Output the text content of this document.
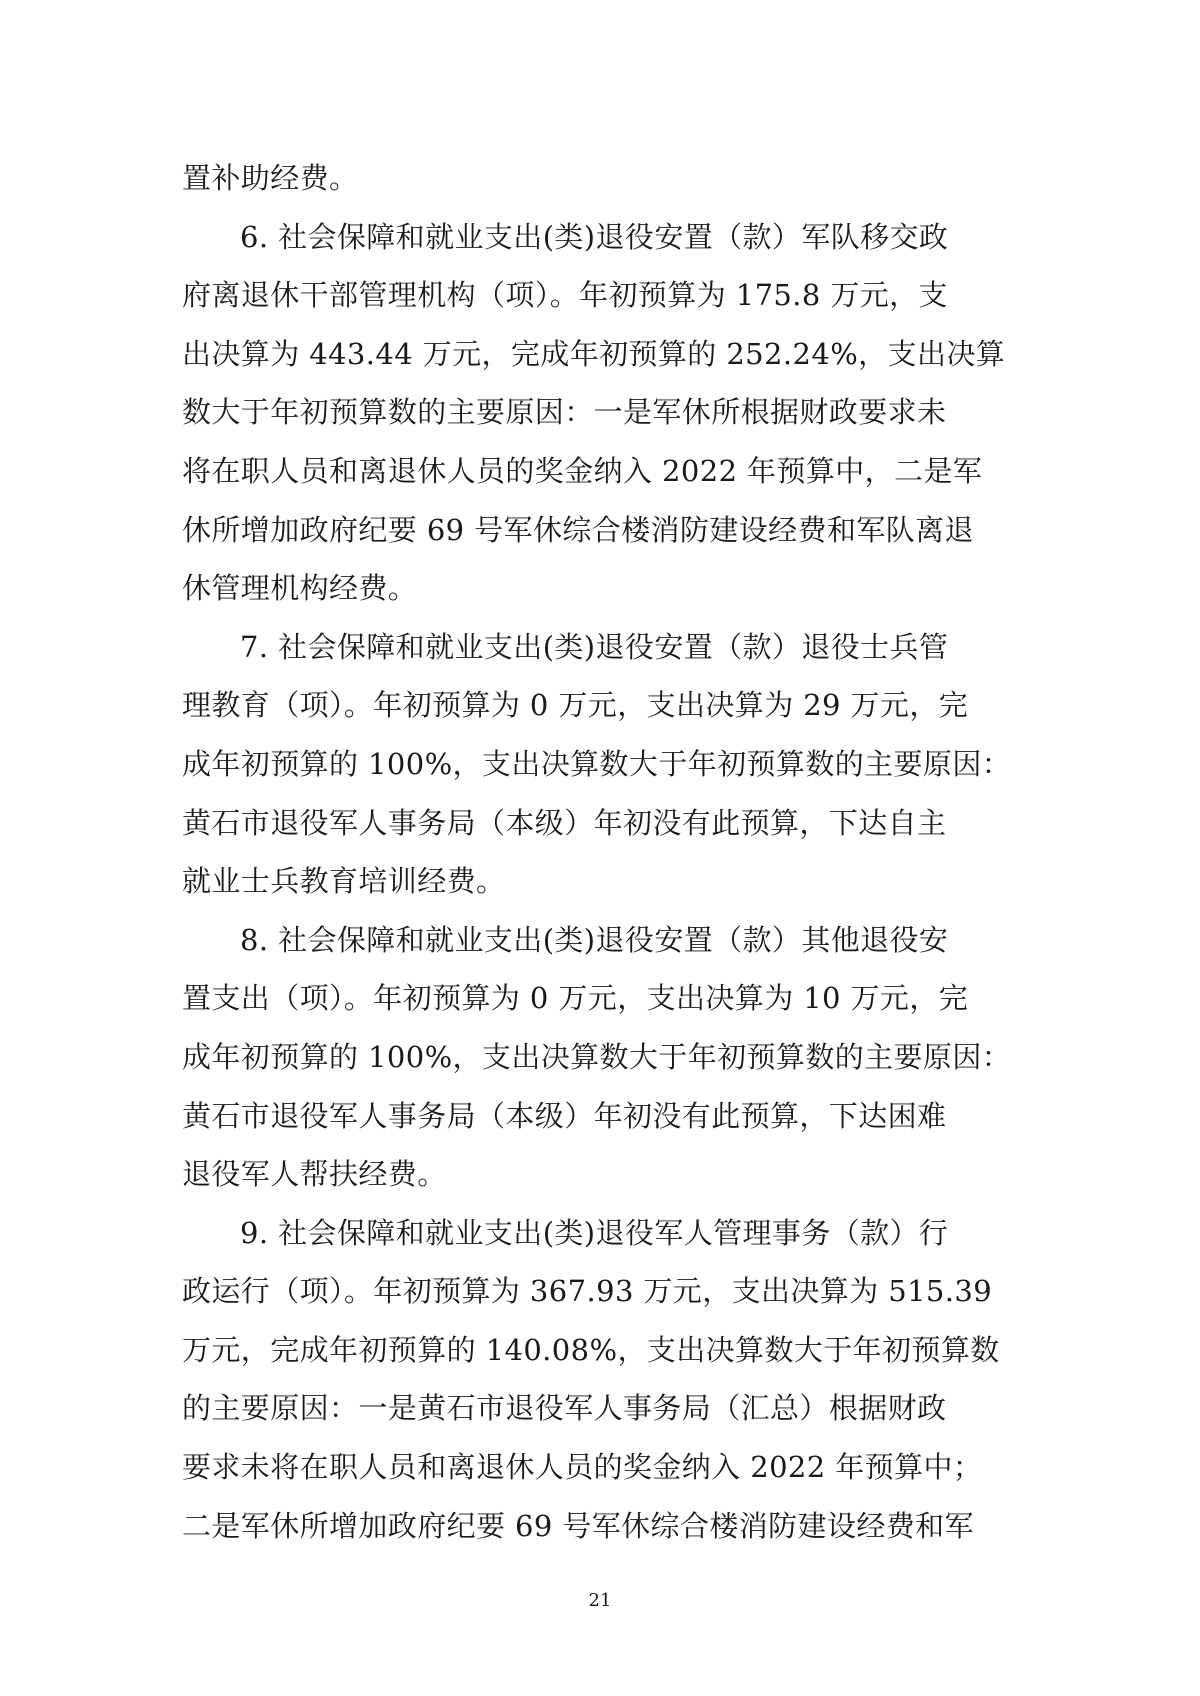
置补助经费。
6. 社会保障和就业支出(类)退役安置（款）军队移交政
府离退休干部管理机构（项）。年初预算为 175.8 万元，支
出决算为 443.44 万元，完成年初预算的 252.24%，支出决算
数大于年初预算数的主要原因：一是军休所根据财政要求未
将在职人员和离退休人员的奖金纳入 2022 年预算中，二是军
休所增加政府纪要 69 号军休综合楼消防建设经费和军队离退
休管理机构经费。
7. 社会保障和就业支出(类)退役安置（款）退役士兵管
理教育（项）。年初预算为 0 万元，支出决算为 29 万元，完
成年初预算的 100%，支出决算数大于年初预算数的主要原因：
黄石市退役军人事务局（本级）年初没有此预算，下达自主
就业士兵教育培训经费。
8. 社会保障和就业支出(类)退役安置（款）其他退役安
置支出（项）。年初预算为 0 万元，支出决算为 10 万元，完
成年初预算的 100%，支出决算数大于年初预算数的主要原因：
黄石市退役军人事务局（本级）年初没有此预算，下达困难
退役军人帮扶经费。
9. 社会保障和就业支出(类)退役军人管理事务（款）行
政运行（项）。年初预算为 367.93 万元，支出决算为 515.39
万元，完成年初预算的 140.08%，支出决算数大于年初预算数
的主要原因：一是黄石市退役军人事务局（汇总）根据财政
要求未将在职人员和离退休人员的奖金纳入 2022 年预算中；
二是军休所增加政府纪要 69 号军休综合楼消防建设经费和军
21
